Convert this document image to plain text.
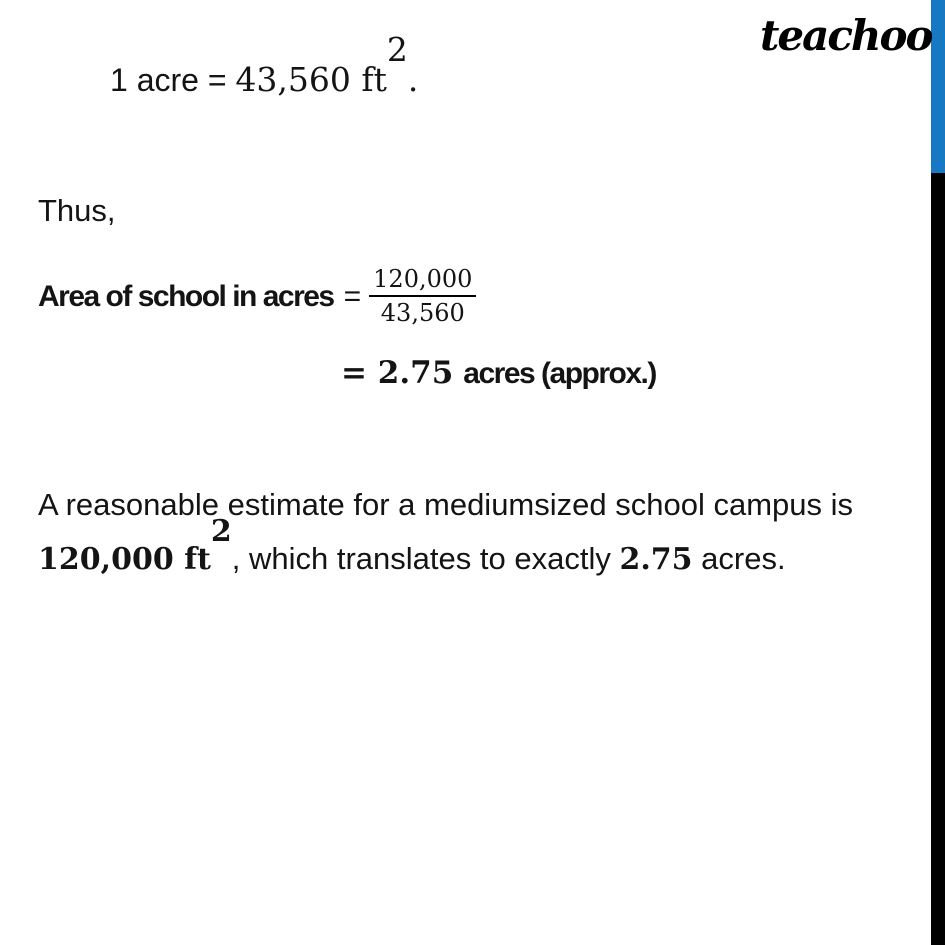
teachoo
1 acre = 43,560 $ft^2$.
Thus,
Area of school in acres = $\frac{120,000}{43,560}$
= 2.75 acres (approx.)
A reasonable estimate for a mediumsized school campus is
120,000 $ft^2$, which translates to exactly 2.75 acres.
